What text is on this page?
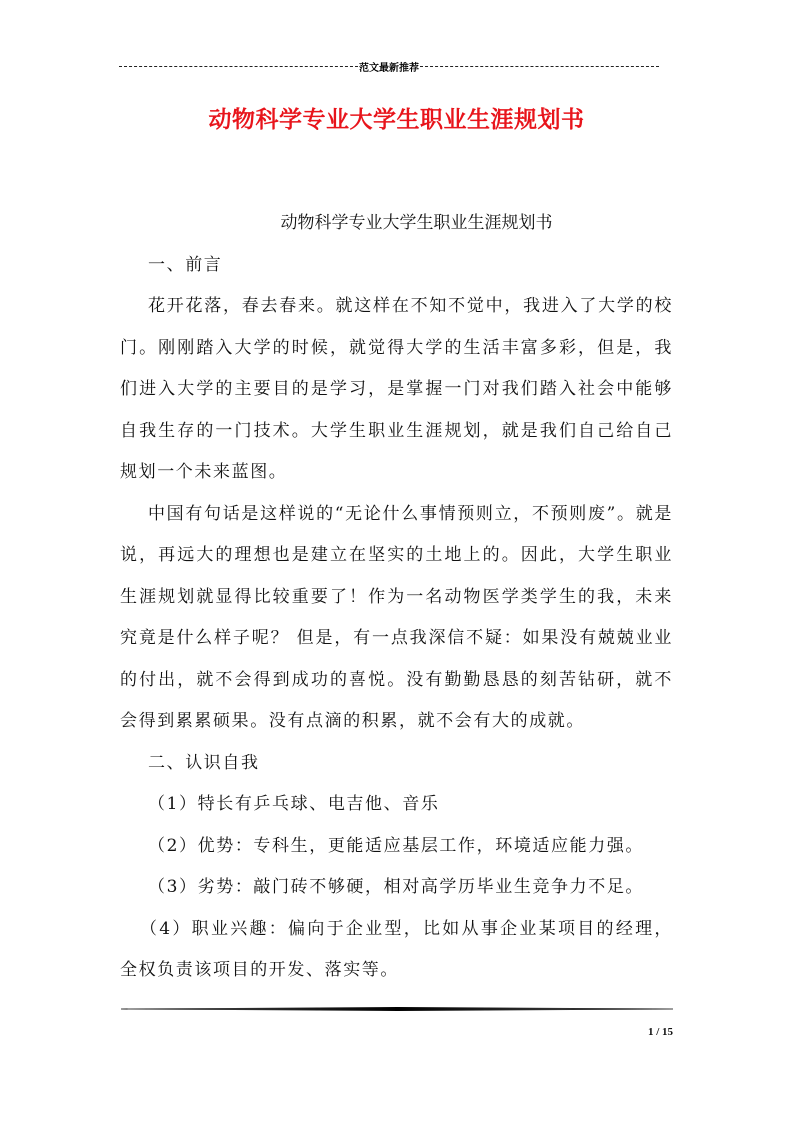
范文最新推荐
动物科学专业大学生职业生涯规划书
动物科学专业大学生职业生涯规划书

一、前言

花开花落，春去春来。就这样在不知不觉中，我进入了大学的校门。刚刚踏入大学的时候，就觉得大学的生活丰富多彩，但是，我们进入大学的主要目的是学习，是掌握一门对我们踏入社会中能够自我生存的一门技术。大学生职业生涯规划，就是我们自己给自己规划一个未来蓝图。

中国有句话是这样说的“无论什么事情预则立，不预则废”。就是说，再远大的理想也是建立在坚实的土地上的。因此，大学生职业生涯规划就显得比较重要了！作为一名动物医学类学生的我，未来究竟是什么样子呢？ 但是，有一点我深信不疑：如果没有兢兢业业的付出，就不会得到成功的喜悦。没有勤勤恳恳的刻苦钻研，就不会得到累累硕果。没有点滴的积累，就不会有大的成就。

二、认识自我

（1）特长有乒乓球、电吉他、音乐

（2）优势：专科生，更能适应基层工作，环境适应能力强。

（3）劣势：敲门砖不够硬，相对高学历毕业生竞争力不足。

（4）职业兴趣：偏向于企业型，比如从事企业某项目的经理，全权负责该项目的开发、落实等。

1 / 15
